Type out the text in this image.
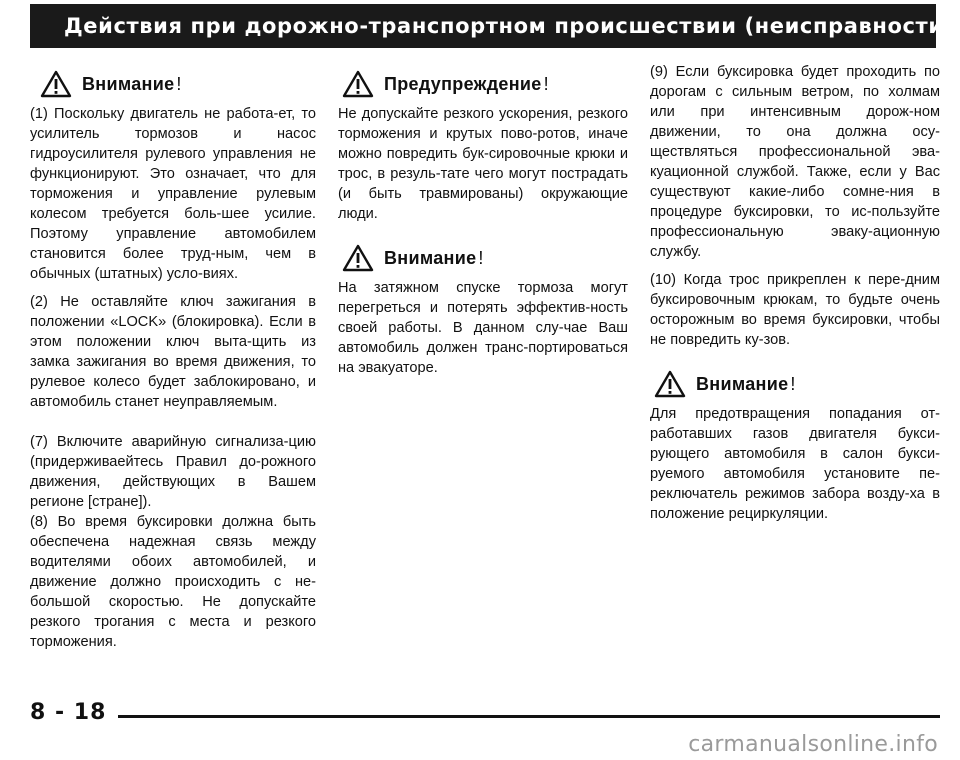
Действия при дорожно-транспортном происшествии (неисправности)
Внимание !

(1) Поскольку двигатель не работа-ет, то усилитель тормозов и насос гидроусилителя рулевого управления не функционируют. Это означает, что для торможения и управление рулевым колесом требуется боль-шее усилие. Поэтому управление автомобилем становится более труд-ным, чем в обычных (штатных) усло-виях.

(2) Не оставляйте ключ зажигания в положении «LOCK» (блокировка). Если в этом положении ключ выта-щить из замка зажигания во время движения, то рулевое колесо будет заблокировано, и автомобиль станет неуправляемым.

(7) Включите аварийную сигнализа-цию (придерживаейтесь Правил до-рожного движения, действующих в Вашем регионе [стране]).

(8) Во время буксировки должна быть обеспечена надежная связь между водителями обоих автомобилей, и движение должно происходить с не-большой скоростью. Не допускайте резкого трогания с места и резкого торможения.

Предупреждение !

Не допускайте резкого ускорения, резкого торможения и крутых пово-ротов, иначе можно повредить бук-сировочные крюки и трос, в резуль-тате чего могут пострадать (и быть травмированы) окружающие люди.

Внимание !

На затяжном спуске тормоза могут перегреться и потерять эффектив-ность своей работы. В данном слу-чае Ваш автомобиль должен транс-портироваться на эвакуаторе.

(9) Если буксировка будет проходить по дорогам с сильным ветром, по холмам или при интенсивным дорож-ном движении, то она должна осу-ществляться профессиональной эва-куационной службой. Также, если у Вас существуют какие-либо сомне-ния в процедуре буксировки, то ис-пользуйте профессиональную эваку-ационную службу.

(10) Когда трос прикреплен к пере-дним буксировочным крюкам, то будьте очень осторожным во время буксировки, чтобы не повредить ку-зов.

Внимание !

Для предотвращения попадания от-работавших газов двигателя букси-рующего автомобиля в салон букси-руемого автомобиля установите пе-реключатель режимов забора возду-ха в положение рециркуляции.

8 - 18
carmanualsonline.info
